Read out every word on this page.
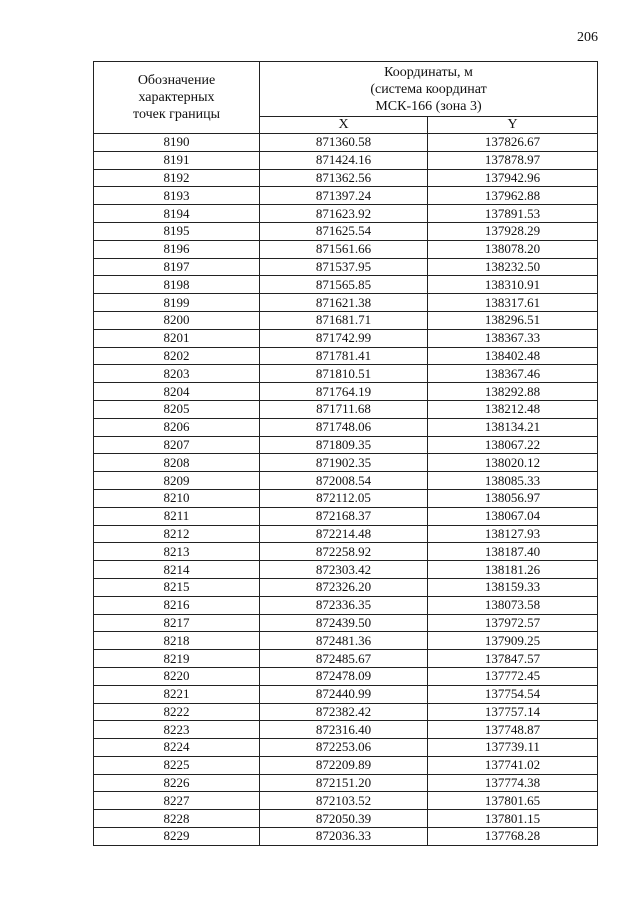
206
Обозначение
характерных
точек границы	Координаты, м
(система координат
МСК-166 (зона 3)	
	X	Y
8190	871360.58	137826.67
8191	871424.16	137878.97
8192	871362.56	137942.96
8193	871397.24	137962.88
8194	871623.92	137891.53
8195	871625.54	137928.29
8196	871561.66	138078.20
8197	871537.95	138232.50
8198	871565.85	138310.91
8199	871621.38	138317.61
8200	871681.71	138296.51
8201	871742.99	138367.33
8202	871781.41	138402.48
8203	871810.51	138367.46
8204	871764.19	138292.88
8205	871711.68	138212.48
8206	871748.06	138134.21
8207	871809.35	138067.22
8208	871902.35	138020.12
8209	872008.54	138085.33
8210	872112.05	138056.97
8211	872168.37	138067.04
8212	872214.48	138127.93
8213	872258.92	138187.40
8214	872303.42	138181.26
8215	872326.20	138159.33
8216	872336.35	138073.58
8217	872439.50	137972.57
8218	872481.36	137909.25
8219	872485.67	137847.57
8220	872478.09	137772.45
8221	872440.99	137754.54
8222	872382.42	137757.14
8223	872316.40	137748.87
8224	872253.06	137739.11
8225	872209.89	137741.02
8226	872151.20	137774.38
8227	872103.52	137801.65
8228	872050.39	137801.15
8229	872036.33	137768.28
